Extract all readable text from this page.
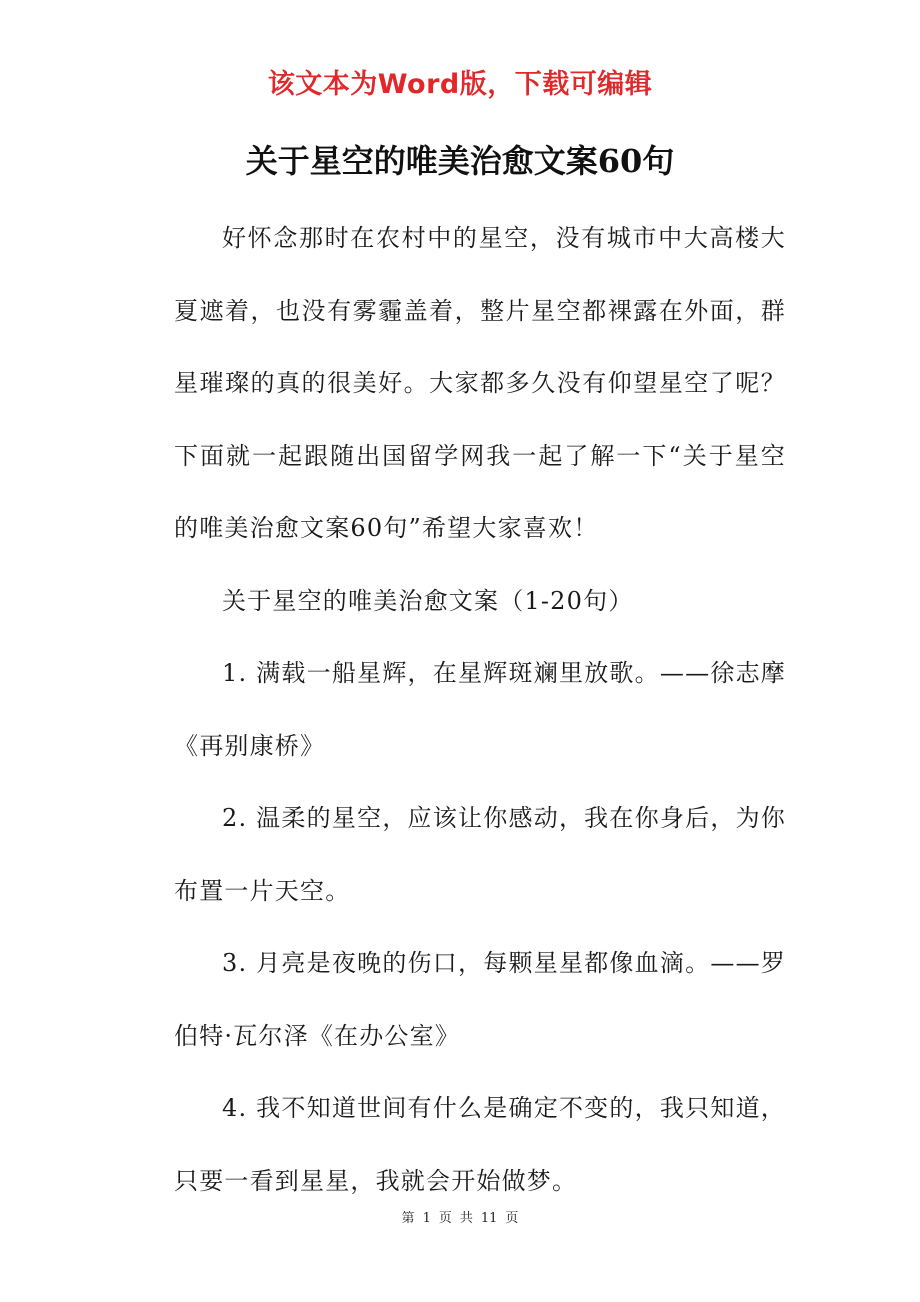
该文本为Word版，下载可编辑
关于星空的唯美治愈文案60句

好怀念那时在农村中的星空，没有城市中大高楼大夏遮着，也没有雾霾盖着，整片星空都裸露在外面，群星璀璨的真的很美好。大家都多久没有仰望星空了呢？下面就一起跟随出国留学网我一起了解一下“关于星空的唯美治愈文案60句”希望大家喜欢！

关于星空的唯美治愈文案（1-20句）

1. 满载一船星辉，在星辉斑斓里放歌。——徐志摩《再别康桥》

2. 温柔的星空，应该让你感动，我在你身后，为你布置一片天空。

3. 月亮是夜晚的伤口，每颗星星都像血滴。——罗伯特·瓦尔泽《在办公室》

4. 我不知道世间有什么是确定不变的，我只知道，只要一看到星星，我就会开始做梦。

第 1 页 共 11 页
